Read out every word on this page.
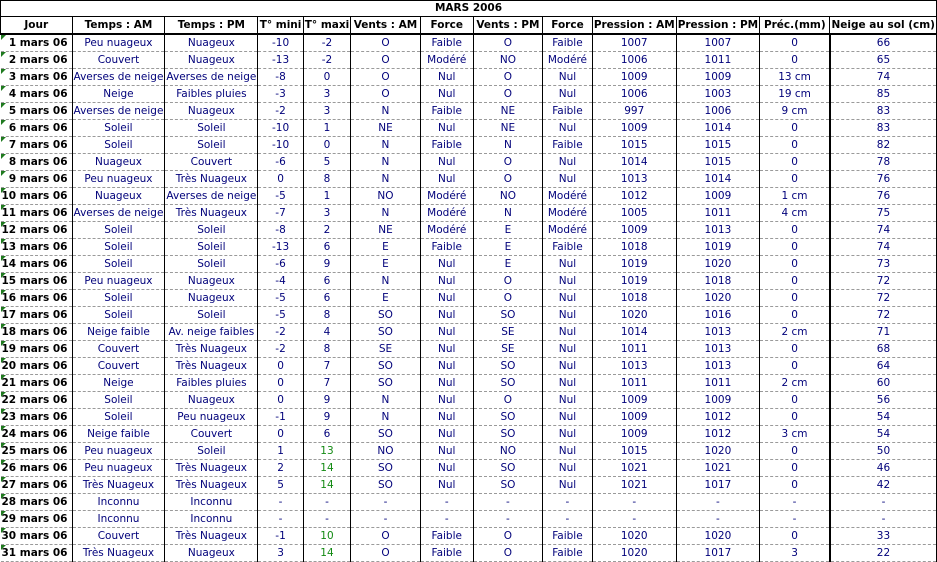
MARS 2006												
Jour	Temps : AM	Temps : PM	T° mini	T° maxi	Vents : AM	Force	Vents : PM	Force	Pression : AM	Pression : PM	Préc.(mm)	Neige au sol (cm)
1 mars 06	Peu nuageux	Nuageux	-10	-2	O	Faible	O	Faible	1007	1007	0	66
2 mars 06	Couvert	Nuageux	-13	-2	O	Modéré	NO	Modéré	1006	1011	0	65
3 mars 06	Averses de neige	Averses de neige	-8	0	O	Nul	O	Nul	1009	1009	13 cm	74
4 mars 06	Neige	Faibles pluies	-3	3	O	Nul	O	Nul	1006	1003	19 cm	85
5 mars 06	Averses de neige	Nuageux	-2	3	N	Faible	NE	Faible	997	1006	9 cm	83
6 mars 06	Soleil	Soleil	-10	1	NE	Nul	NE	Nul	1009	1014	0	83
7 mars 06	Soleil	Soleil	-10	0	N	Faible	N	Faible	1015	1015	0	82
8 mars 06	Nuageux	Couvert	-6	5	N	Nul	O	Nul	1014	1015	0	78
9 mars 06	Peu nuageux	Très Nuageux	0	8	N	Nul	O	Nul	1013	1014	0	76
10 mars 06	Nuageux	Averses de neige	-5	1	NO	Modéré	NO	Modéré	1012	1009	1 cm	76
11 mars 06	Averses de neige	Très Nuageux	-7	3	N	Modéré	N	Modéré	1005	1011	4 cm	75
12 mars 06	Soleil	Soleil	-8	2	NE	Modéré	E	Modéré	1009	1013	0	74
13 mars 06	Soleil	Soleil	-13	6	E	Faible	E	Faible	1018	1019	0	74
14 mars 06	Soleil	Soleil	-6	9	E	Nul	E	Nul	1019	1020	0	73
15 mars 06	Peu nuageux	Nuageux	-4	6	N	Nul	O	Nul	1019	1018	0	72
16 mars 06	Soleil	Nuageux	-5	6	E	Nul	O	Nul	1018	1020	0	72
17 mars 06	Soleil	Soleil	-5	8	SO	Nul	SO	Nul	1020	1016	0	72
18 mars 06	Neige faible	Av. neige faibles	-2	4	SO	Nul	SE	Nul	1014	1013	2 cm	71
19 mars 06	Couvert	Très Nuageux	-2	8	SE	Nul	SE	Nul	1011	1013	0	68
20 mars 06	Couvert	Très Nuageux	0	7	SO	Nul	SO	Nul	1013	1013	0	64
21 mars 06	Neige	Faibles pluies	0	7	SO	Nul	SO	Nul	1011	1011	2 cm	60
22 mars 06	Soleil	Nuageux	0	9	N	Nul	O	Nul	1009	1009	0	56
23 mars 06	Soleil	Peu nuageux	-1	9	N	Nul	SO	Nul	1009	1012	0	54
24 mars 06	Neige faible	Couvert	0	6	SO	Nul	SO	Nul	1009	1012	3 cm	54
25 mars 06	Peu nuageux	Soleil	1	13	NO	Nul	NO	Nul	1015	1020	0	50
26 mars 06	Peu nuageux	Très Nuageux	2	14	SO	Nul	SO	Nul	1021	1021	0	46
27 mars 06	Très Nuageux	Très Nuageux	5	14	SO	Nul	SO	Nul	1021	1017	0	42
28 mars 06	Inconnu	Inconnu	-	-	-	-	-	-	-	-	-	-
29 mars 06	Inconnu	Inconnu	-	-	-	-	-	-	-	-	-	-
30 mars 06	Couvert	Très Nuageux	-1	10	O	Faible	O	Faible	1020	1020	0	33
31 mars 06	Très Nuageux	Nuageux	3	14	O	Faible	O	Faible	1020	1017	3	22
